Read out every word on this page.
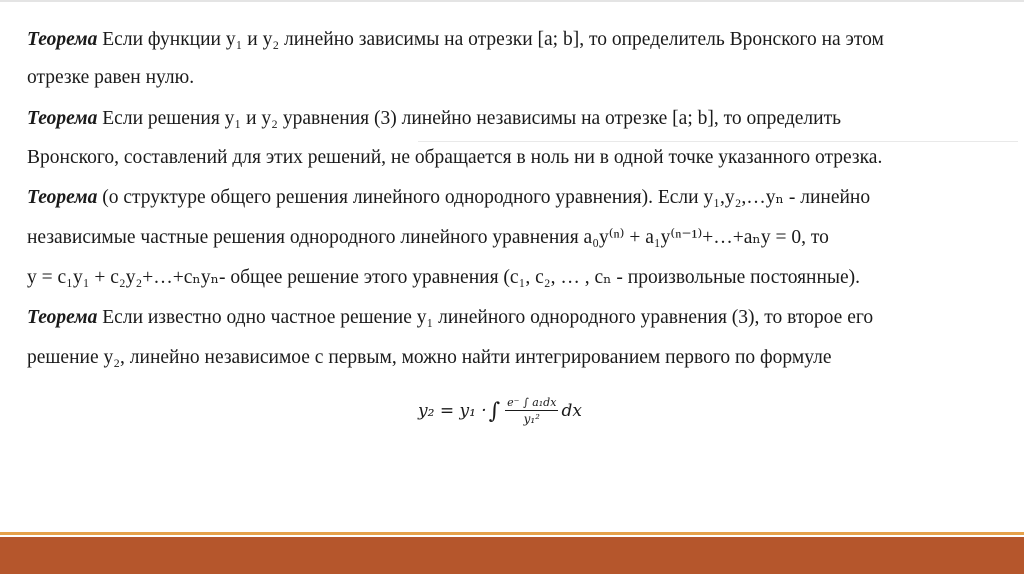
Теорема Если функции y₁ и y₂ линейно зависимы на отрезки [a; b], то определитель Вронского на этом
отрезке равен нулю.
Теорема Если решения y₁ и y₂ уравнения (3) линейно независимы на отрезке [a; b], то определить
Вронского, составлений для этих решений, не обращается в ноль ни в одной точке указанного отрезка.
Теорема (о структуре общего решения линейного однородного уравнения). Если y₁,y₂,…yₙ - линейно
независимые частные решения однородного линейного уравнения a₀y⁽ⁿ⁾ + a₁y⁽ⁿ⁻¹⁾+…+aₙy = 0, то
y = c₁y₁ + c₂y₂+…+cₙyₙ- общее решение этого уравнения (c₁, c₂, … , cₙ - произвольные постоянные).
Теорема Если известно одно частное решение y₁ линейного однородного уравнения (3), то второе его
решение y₂, линейно независимое с первым, можно найти интегрированием первого по формуле
y₂ = y₁ · ∫ $\frac{\text{e⁻ ∫ a₁dx}}{\text{y₁²}}$ dx
